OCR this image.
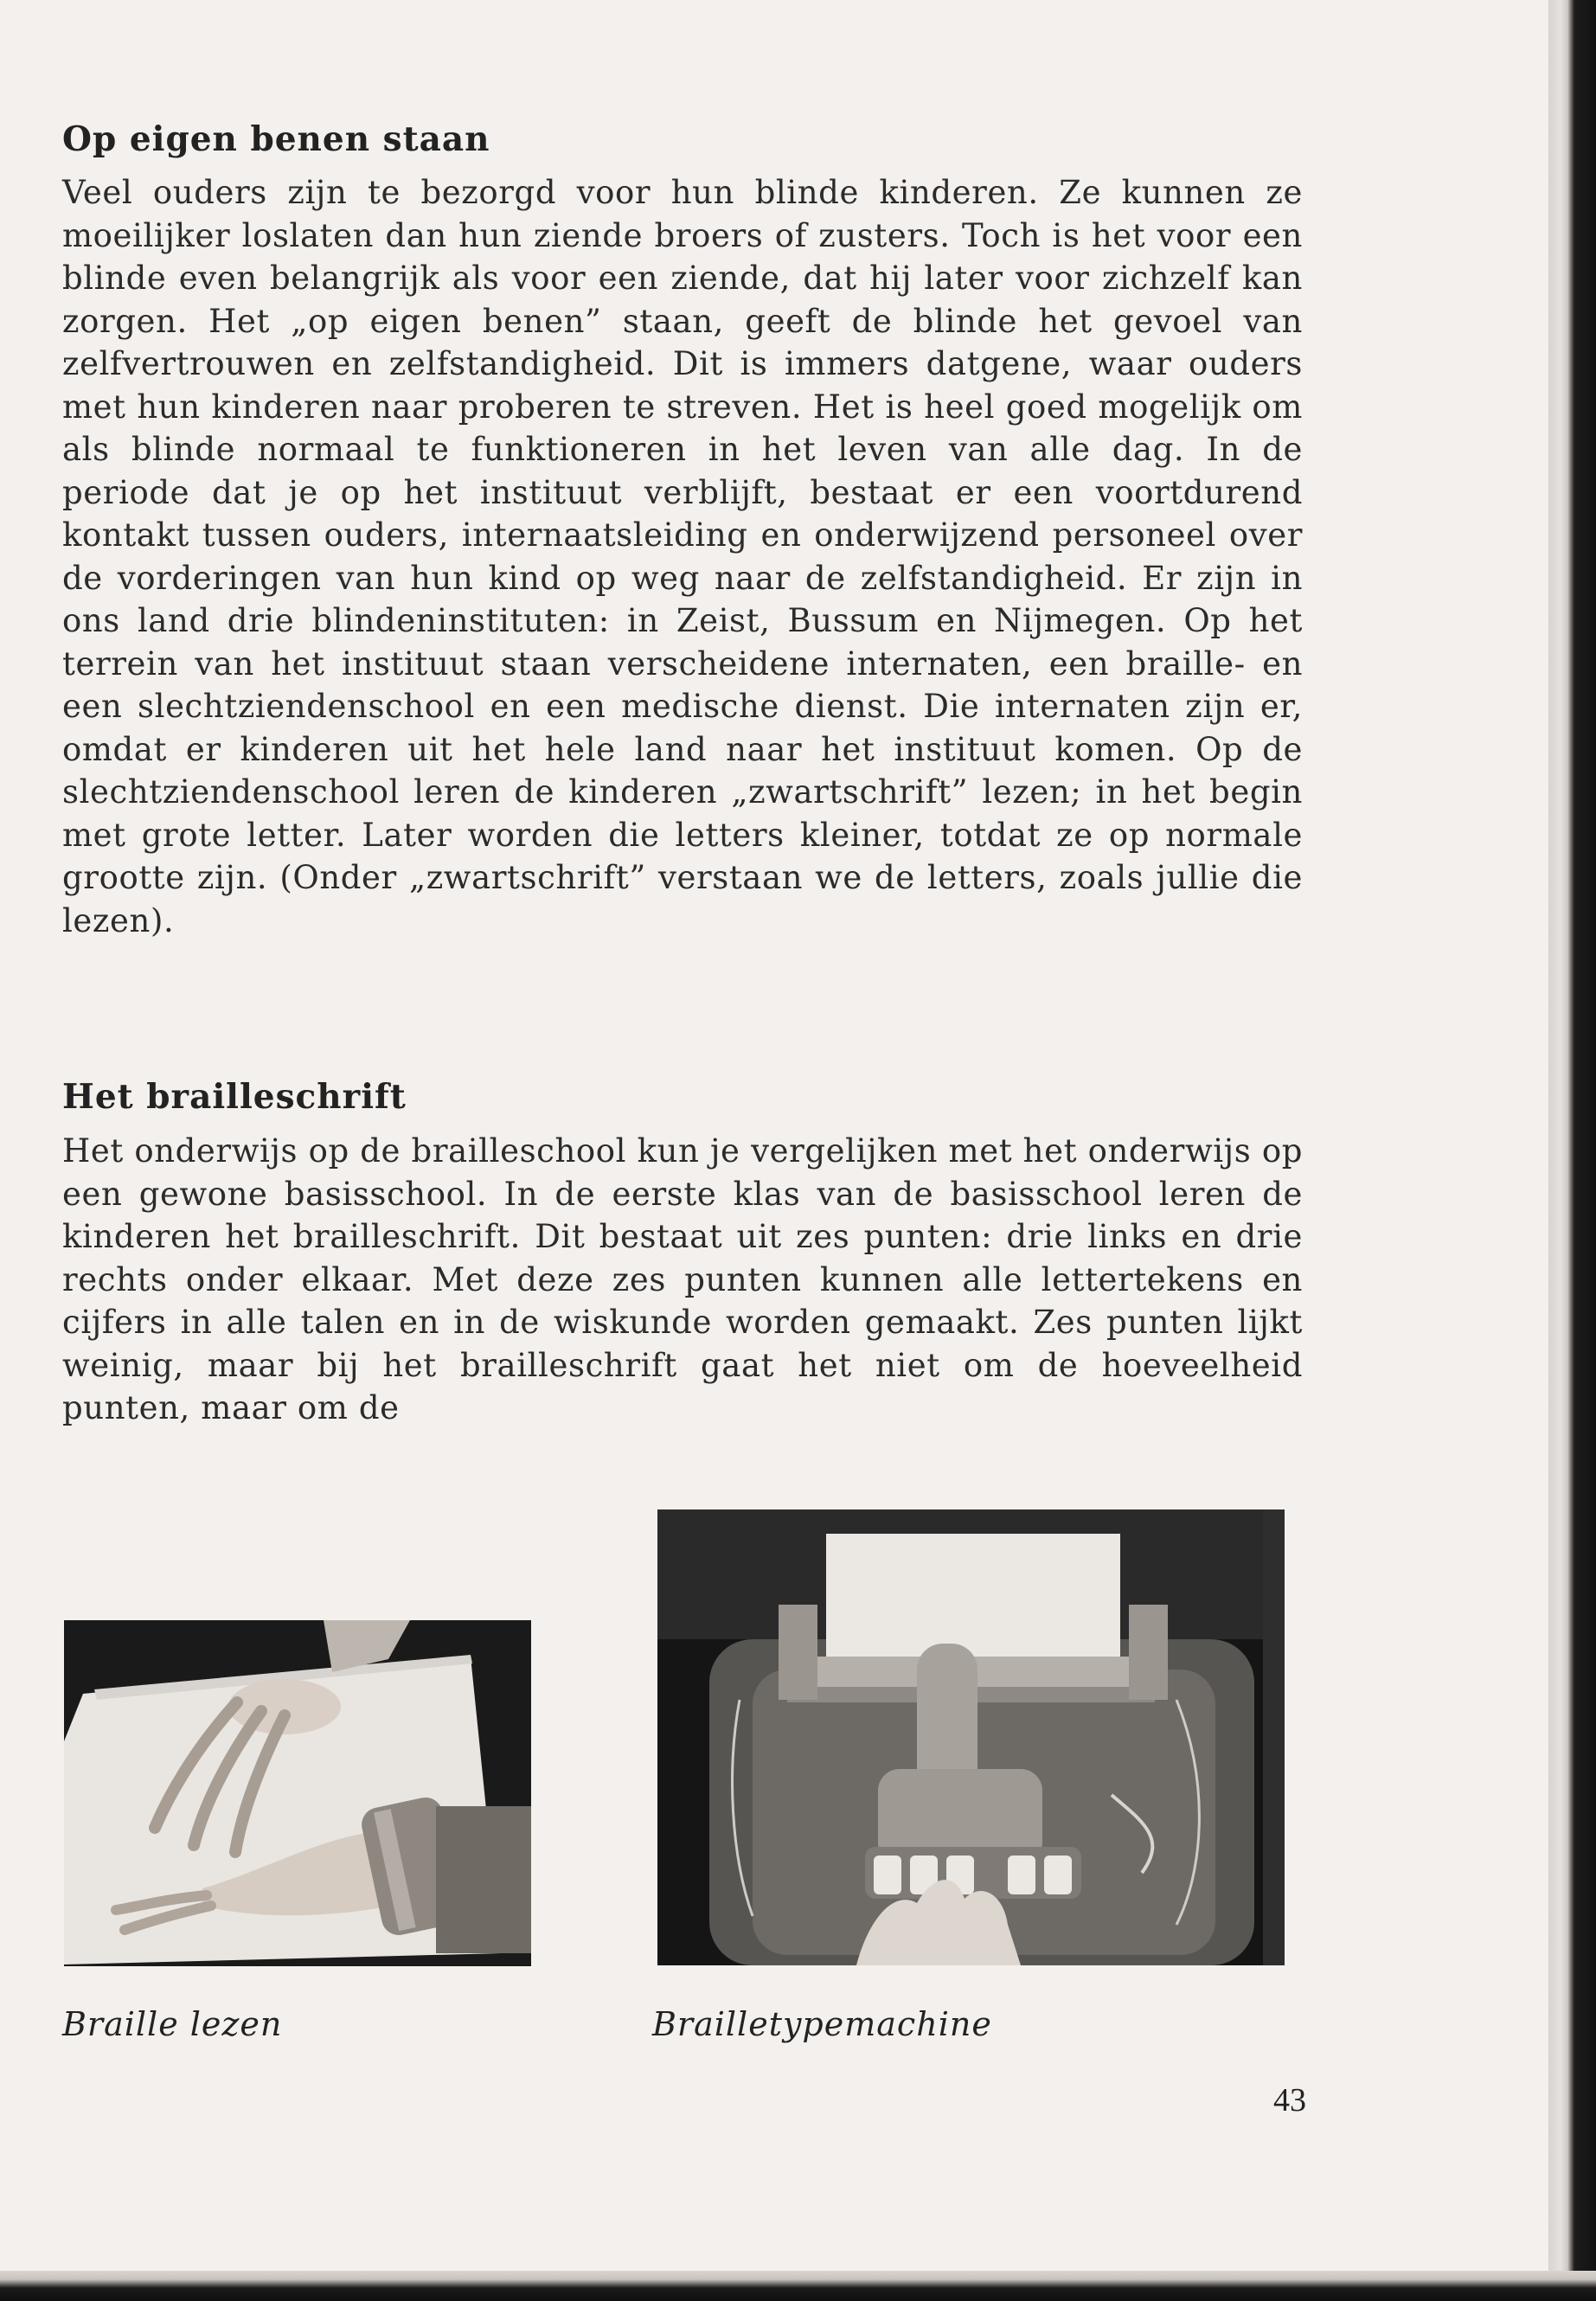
Op eigen benen staan

Veel ouders zijn te bezorgd voor hun blinde kinderen. Ze kunnen ze moeilijker loslaten dan hun ziende broers of zusters. Toch is het voor een blinde even belangrijk als voor een ziende, dat hij later voor zichzelf kan zorgen. Het „op eigen benen” staan, geeft de blinde het gevoel van zelfvertrouwen en zelfstandigheid. Dit is immers datgene, waar ouders met hun kinderen naar proberen te streven. Het is heel goed mogelijk om als blinde normaal te funktioneren in het leven van alle dag. In de periode dat je op het instituut verblijft, bestaat er een voortdurend kontakt tussen ouders, internaatsleiding en onderwijzend personeel over de vorderingen van hun kind op weg naar de zelfstandigheid. Er zijn in ons land drie blindeninstituten: in Zeist, Bussum en Nijmegen. Op het terrein van het instituut staan verscheidene internaten, een braille- en een slechtziendenschool en een medische dienst. Die internaten zijn er, omdat er kinderen uit het hele land naar het instituut komen. Op de slechtziendenschool leren de kinderen „zwartschrift” lezen; in het begin met grote letter. Later worden die letters kleiner, totdat ze op normale grootte zijn. (Onder „zwartschrift” verstaan we de letters, zoals jullie die lezen).

Het brailleschrift

Het onderwijs op de brailleschool kun je vergelijken met het onderwijs op een gewone basisschool. In de eerste klas van de basisschool leren de kinderen het brailleschrift. Dit bestaat uit zes punten: drie links en drie rechts onder elkaar. Met deze zes punten kunnen alle lettertekens en cijfers in alle talen en in de wiskunde worden gemaakt. Zes punten lijkt weinig, maar bij het brailleschrift gaat het niet om de hoeveelheid punten, maar om de

Braille lezen	Brailletypemachine

43
